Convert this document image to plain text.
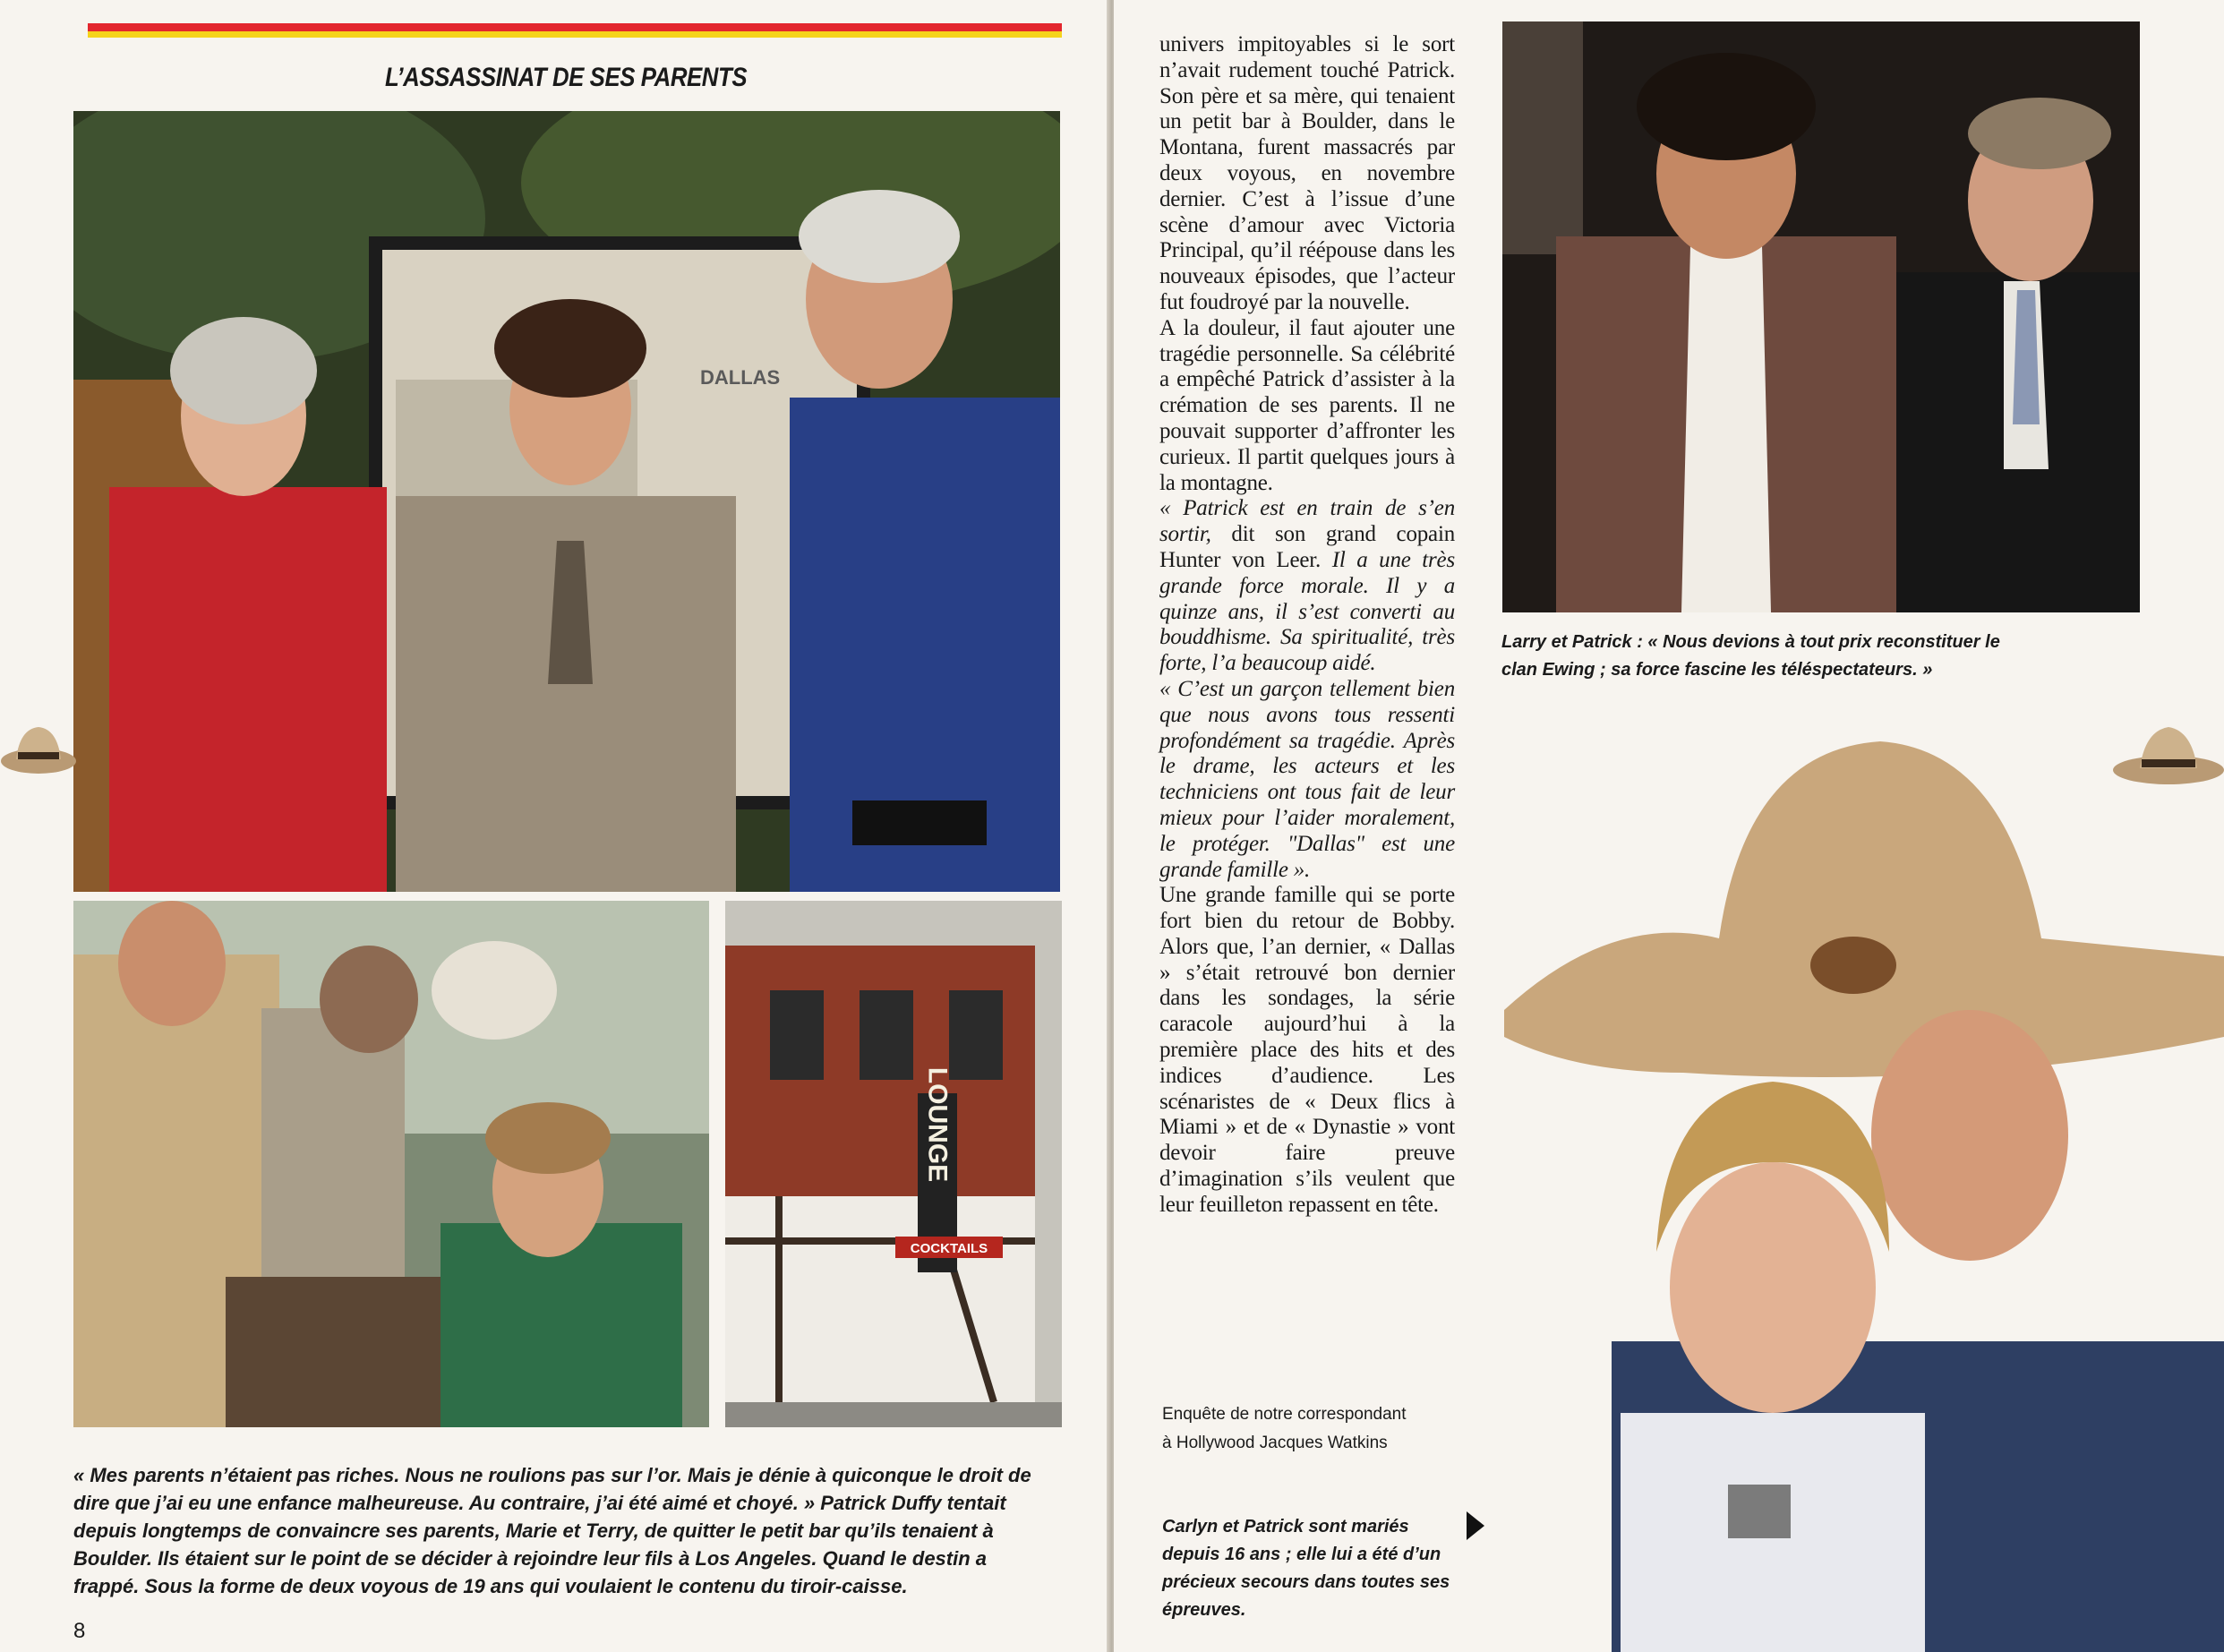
L’ASSASSINAT DE SES PARENTS
DALLAS
LOUNGE
COCKTAILS

« Mes parents n’étaient pas riches. Nous ne roulions pas sur l’or. Mais je dénie à quiconque le droit de dire que j’ai eu une enfance malheureuse. Au contraire, j’ai été aimé et choyé. » Patrick Duffy tentait depuis longtemps de convaincre ses parents, Marie et Terry, de quitter le petit bar qu’ils tenaient à Boulder. Ils étaient sur le point de se décider à rejoindre leur fils à Los Angeles. Quand le destin a frappé. Sous la forme de deux voyous de 19 ans qui voulaient le contenu du tiroir-caisse.

8

Larry et Patrick : « Nous devions à tout prix reconstituer le clan Ewing ; sa force fascine les téléspectateurs. »

univers impitoyables si le sort n’avait rudement touché Patrick. Son père et sa mère, qui tenaient un petit bar à Boulder, dans le Montana, furent massacrés par deux voyous, en novembre dernier. C’est à l’issue d’une scène d’amour avec Victoria Principal, qu’il réépouse dans les nouveaux épisodes, que l’acteur fut foudroyé par la nouvelle.

A la douleur, il faut ajouter une tragédie personnelle. Sa célébrité a empêché Patrick d’assister à la crémation de ses parents. Il ne pouvait supporter d’affronter les curieux. Il partit quelques jours à la montagne.

« Patrick est en train de s’en sortir, dit son grand copain Hunter von Leer. Il a une très grande force morale. Il y a quinze ans, il s’est converti au bouddhisme. Sa spiritualité, très forte, l’a beaucoup aidé.

« C’est un garçon tellement bien que nous avons tous ressenti profondément sa tragédie. Après le drame, les acteurs et les techniciens ont tous fait de leur mieux pour l’aider moralement, le protéger. "Dallas" est une grande famille ».

Une grande famille qui se porte fort bien du retour de Bobby. Alors que, l’an dernier, « Dallas » s’était retrouvé bon dernier dans les sondages, la série caracole aujourd’hui à la première place des hits et des indices d’audience. Les scénaristes de « Deux flics à Miami » et de « Dynastie » vont devoir faire preuve d’imagination s’ils veulent que leur feuilleton repassent en tête.

Enquête de notre correspondant
à Hollywood Jacques Watkins

Carlyn et Patrick sont mariés depuis 16 ans ; elle lui a été d’un précieux secours dans toutes ses épreuves.
